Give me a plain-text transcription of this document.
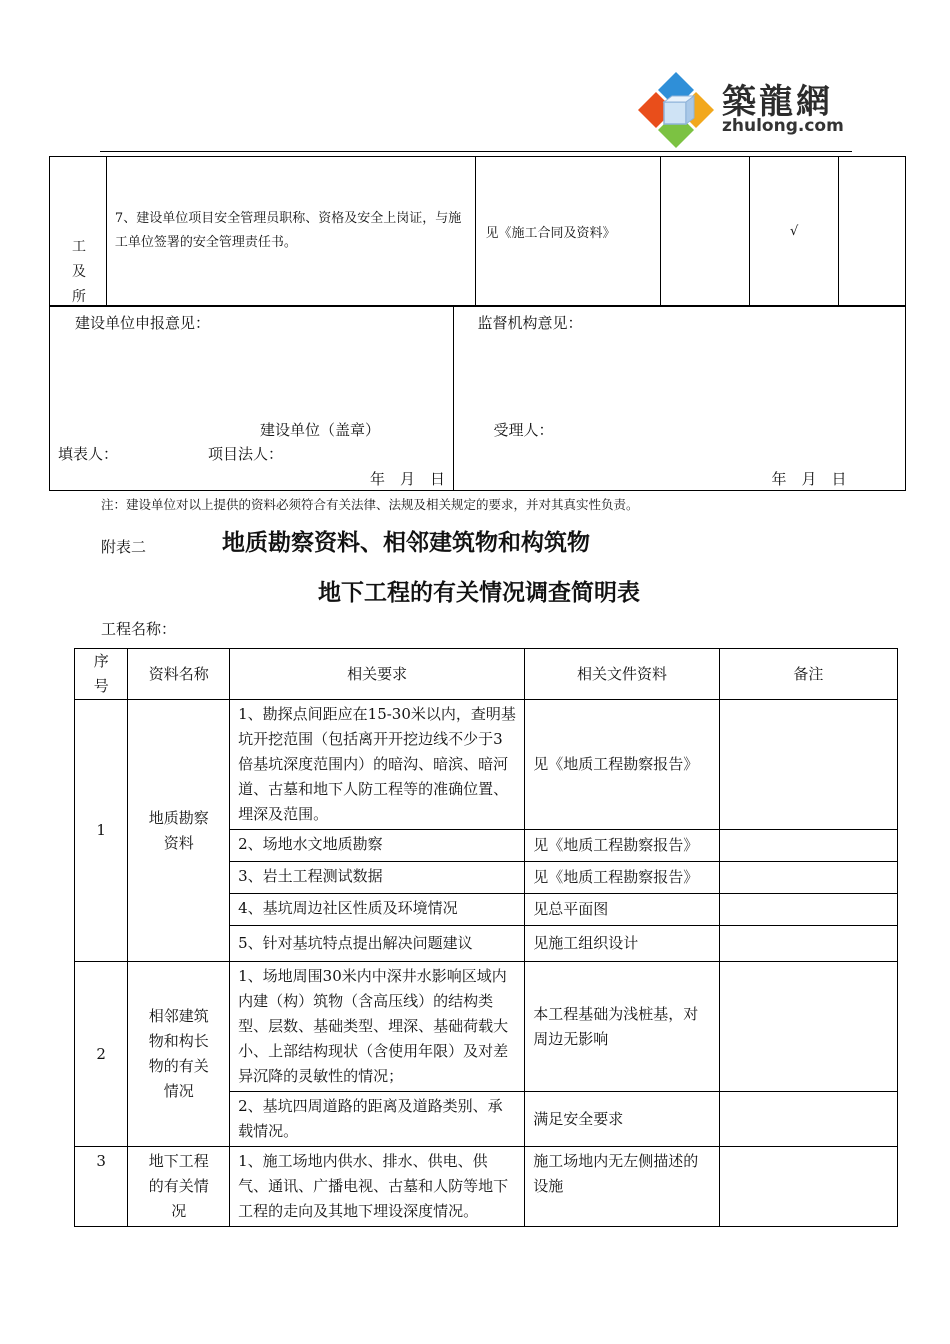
築龍網
zhulong.com
工
及
所

7、建设单位项目安全管理员职称、资格及安全上岗证，与施工单位签署的安全管理责任书。

见《施工合同及资料》		√	
建设单位申报意见：
建设单位（盖章）
填表人：	项目法人：
年　月　日

监督机构意见：
受理人：
年　月　日
注：建设单位对以上提供的资料必须符合有关法律、法规及相关规定的要求，并对其真实性负责。
附表二	地质勘察资料、相邻建筑物和构筑物
地下工程的有关情况调查简明表
工程名称：
序号	资料名称	相关要求	相关文件资料	备注
1	地质勘察资料	1、勘探点间距应在15-30米以内，查明基坑开挖范围（包括离开开挖边线不少于3倍基坑深度范围内）的暗沟、暗滨、暗河道、古墓和地下人防工程等的准确位置、埋深及范围。	见《地质工程勘察报告》	
		2、场地水文地质勘察	见《地质工程勘察报告》	
		3、岩土工程测试数据	见《地质工程勘察报告》	
		4、基坑周边社区性质及环境情况	见总平面图	
		5、针对基坑特点提出解决问题建议	见施工组织设计	
2	相邻建筑物和构长物的有关情况	1、场地周围30米内中深井水影响区域内内建（构）筑物（含高压线）的结构类型、层数、基础类型、埋深、基础荷载大小、上部结构现状（含使用年限）及对差异沉降的灵敏性的情况；	本工程基础为浅桩基，对周边无影响	
		2、基坑四周道路的距离及道路类别、承载情况。	满足安全要求	
3	地下工程的有关情况	1、施工场地内供水、排水、供电、供气、通讯、广播电视、古墓和人防等地下工程的走向及其地下埋设深度情况。	施工场地内无左侧描述的设施	
